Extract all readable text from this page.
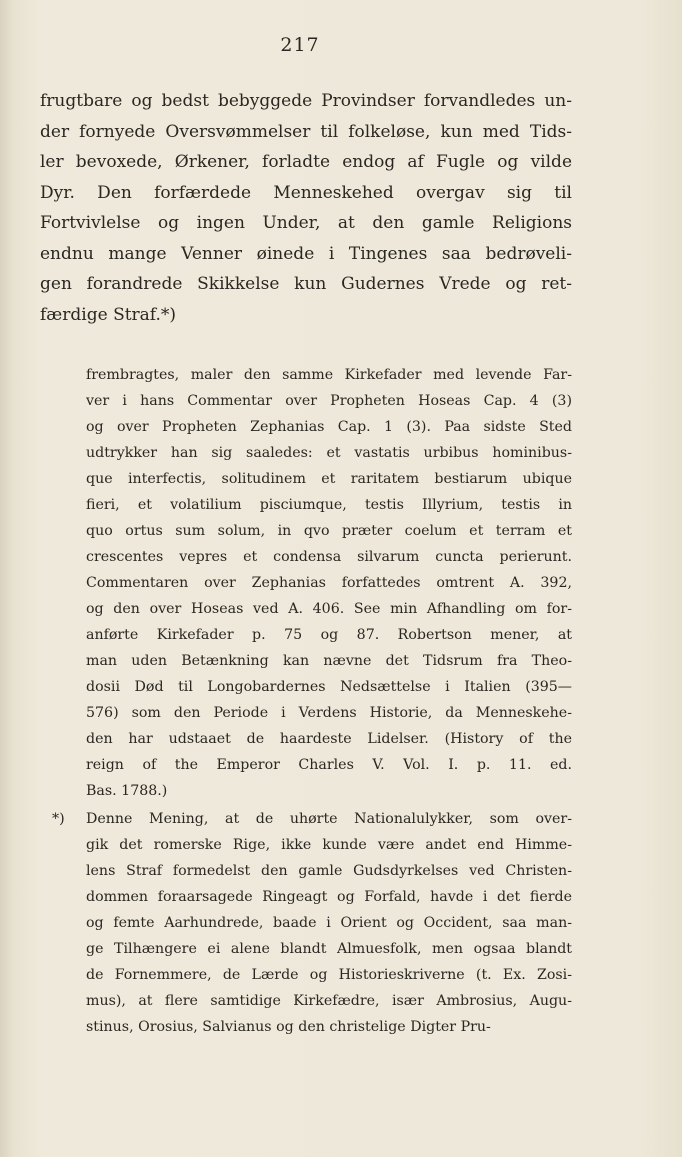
217
frugtbare og bedst bebyggede Provindser forvandledes un-
der fornyede Oversvømmelser til folkeløse, kun med Tids-
ler bevoxede, Ørkener, forladte endog af Fugle og vilde
Dyr. Den forfærdede Menneskehed overgav sig til
Fortvivlelse og ingen Under, at den gamle Religions
endnu mange Venner øinede i Tingenes saa bedrøveli-
gen forandrede Skikkelse kun Gudernes Vrede og ret-
færdige Straf.*)
frembragtes, maler den samme Kirkefader med levende Far-
ver i hans Commentar over Propheten Hoseas Cap. 4 (3)
og over Propheten Zephanias Cap. 1 (3). Paa sidste Sted
udtrykker han sig saaledes: et vastatis urbibus hominibus-
que interfectis, solitudinem et raritatem bestiarum ubique
fieri, et volatilium pisciumque, testis Illyrium, testis in
quo ortus sum solum, in qvo præter coelum et terram et
crescentes vepres et condensa silvarum cuncta perierunt.
Commentaren over Zephanias forfattedes omtrent A. 392,
og den over Hoseas ved A. 406. See min Afhandling om for-
anførte Kirkefader p. 75 og 87. Robertson mener, at
man uden Betænkning kan nævne det Tidsrum fra Theo-
dosii Død til Longobardernes Nedsættelse i Italien (395—
576) som den Periode i Verdens Historie, da Menneskehe-
den har udstaaet de haardeste Lidelser. (History of the
reign of the Emperor Charles V. Vol. I. p. 11. ed.
Bas. 1788.)
*) Denne Mening, at de uhørte Nationalulykker, som over-
gik det romerske Rige, ikke kunde være andet end Himme-
lens Straf formedelst den gamle Gudsdyrkelses ved Christen-
dommen foraarsagede Ringeagt og Forfald, havde i det fierde
og femte Aarhundrede, baade i Orient og Occident, saa man-
ge Tilhængere ei alene blandt Almuesfolk, men ogsaa blandt
de Fornemmere, de Lærde og Historieskriverne (t. Ex. Zosi-
mus), at flere samtidige Kirkefædre, især Ambrosius, Augu-
stinus, Orosius, Salvianus og den christelige Digter Pru-
